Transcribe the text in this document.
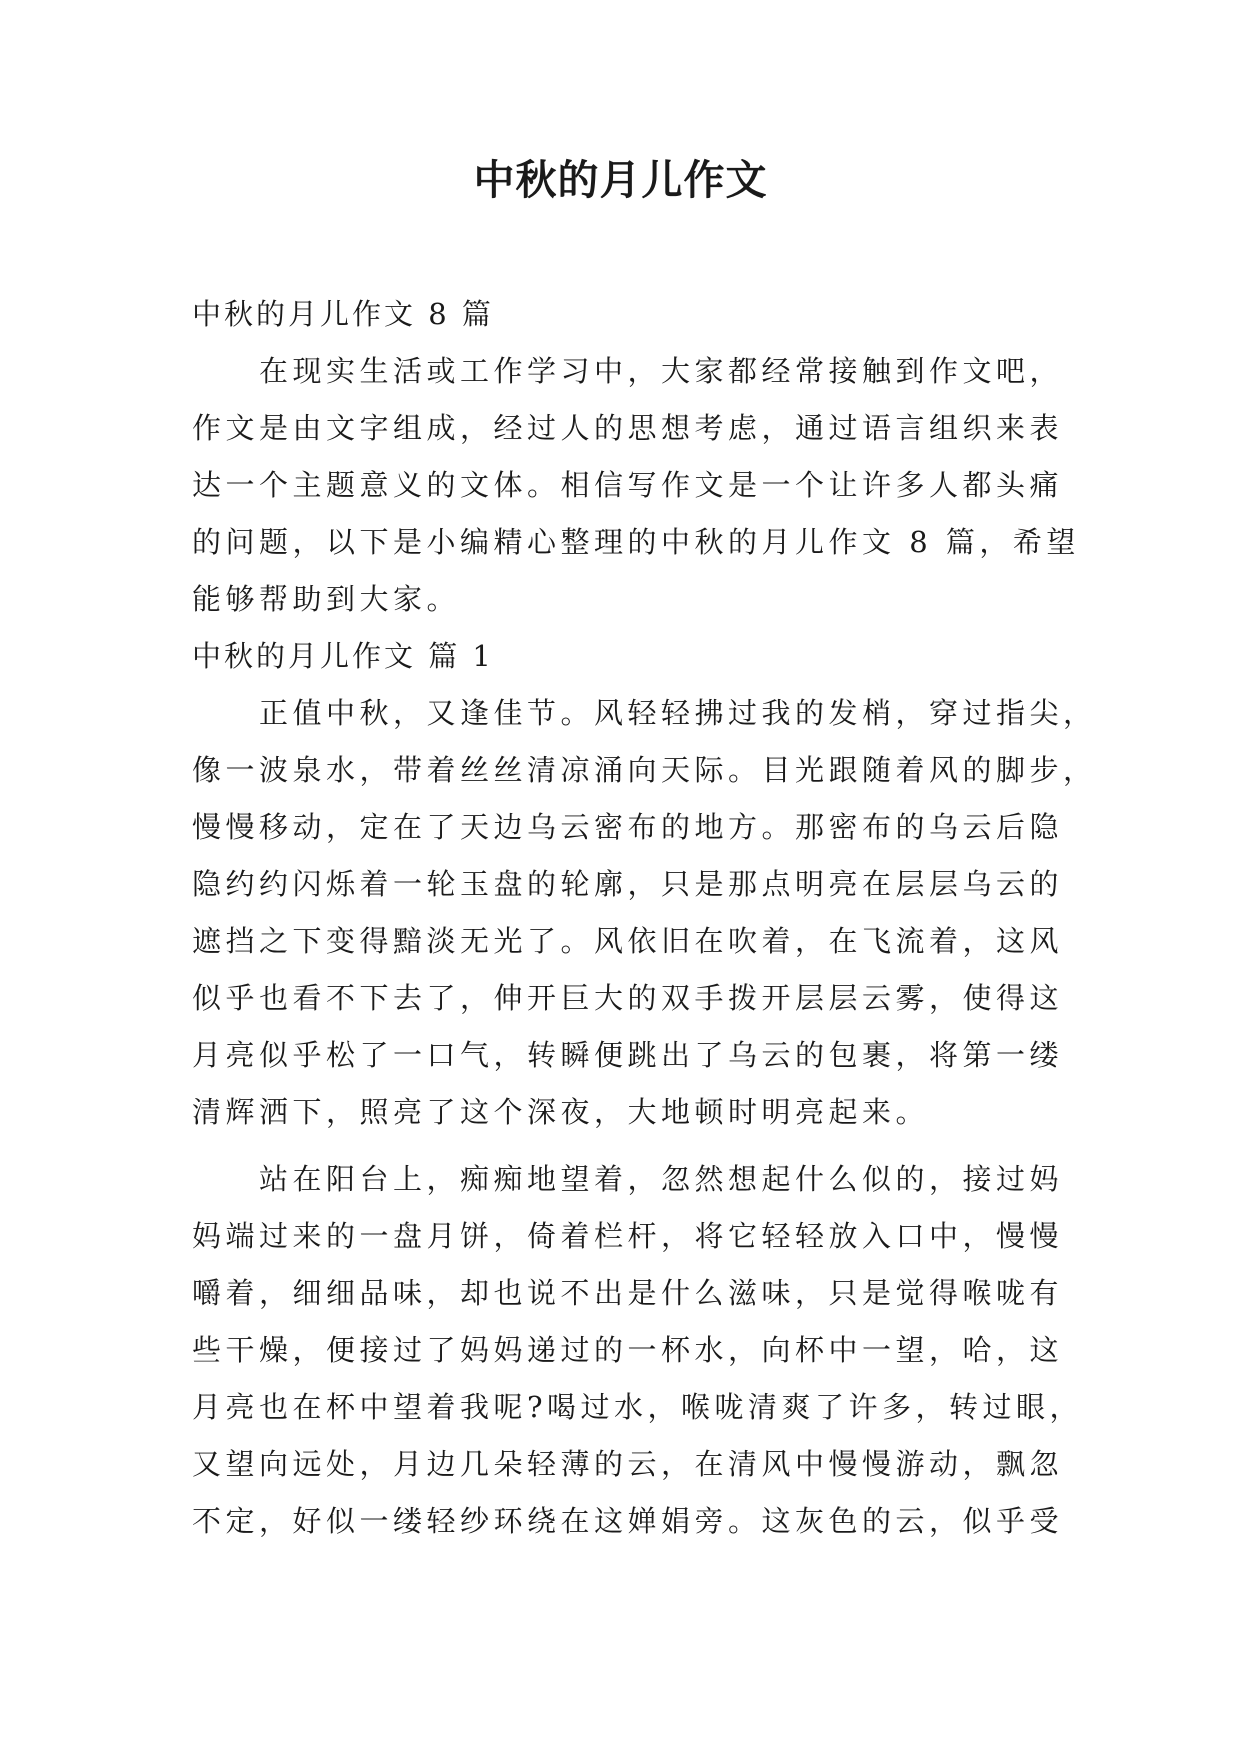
中秋的月儿作文
中秋的月儿作文 8 篇
　　在现实生活或工作学习中，大家都经常接触到作文吧，
作文是由文字组成，经过人的思想考虑，通过语言组织来表
达一个主题意义的文体。相信写作文是一个让许多人都头痛
的问题，以下是小编精心整理的中秋的月儿作文 8 篇，希望
能够帮助到大家。
中秋的月儿作文 篇 1
　　正值中秋，又逢佳节。风轻轻拂过我的发梢，穿过指尖，
像一波泉水，带着丝丝清凉涌向天际。目光跟随着风的脚步，
慢慢移动，定在了天边乌云密布的地方。那密布的乌云后隐
隐约约闪烁着一轮玉盘的轮廓，只是那点明亮在层层乌云的
遮挡之下变得黯淡无光了。风依旧在吹着，在飞流着，这风
似乎也看不下去了，伸开巨大的双手拨开层层云雾，使得这
月亮似乎松了一口气，转瞬便跳出了乌云的包裹，将第一缕
清辉洒下，照亮了这个深夜，大地顿时明亮起来。
　　站在阳台上，痴痴地望着，忽然想起什么似的，接过妈
妈端过来的一盘月饼，倚着栏杆，将它轻轻放入口中，慢慢
嚼着，细细品味，却也说不出是什么滋味，只是觉得喉咙有
些干燥，便接过了妈妈递过的一杯水，向杯中一望，哈，这
月亮也在杯中望着我呢?喝过水，喉咙清爽了许多，转过眼，
又望向远处，月边几朵轻薄的云，在清风中慢慢游动，飘忽
不定，好似一缕轻纱环绕在这婵娟旁。这灰色的云，似乎受
